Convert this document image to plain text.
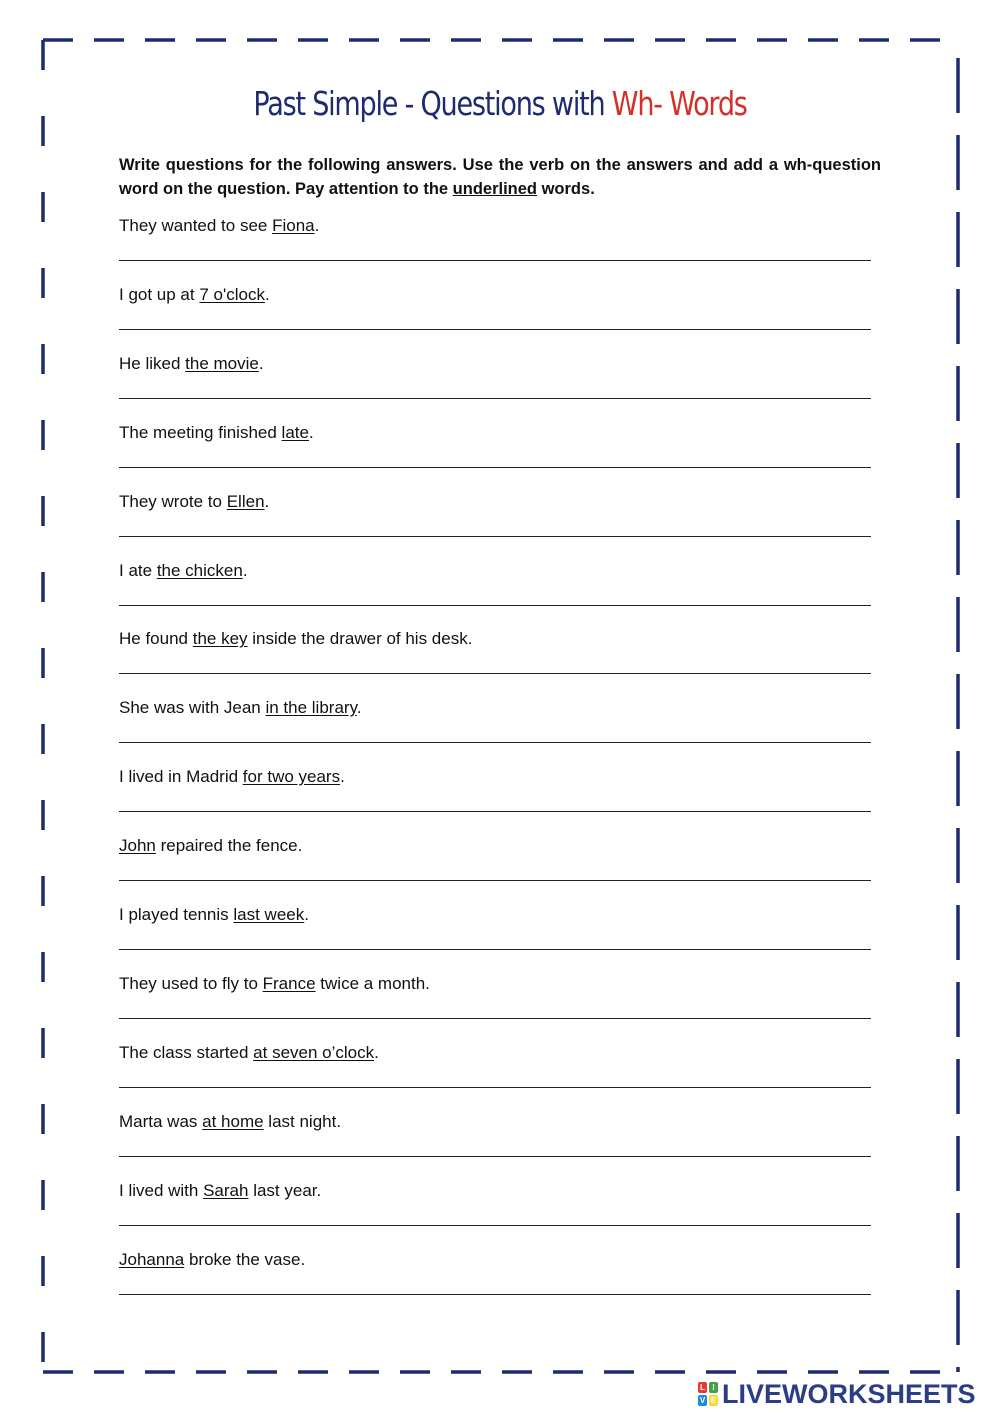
Past Simple - Questions with Wh- Words
Write questions for the following answers. Use the verb on the answers and add a wh-question word on the question. Pay attention to the underlined words.
They wanted to see Fiona.
I got up at 7 o'clock.
He liked the movie.
The meeting finished late.
They wrote to Ellen.
I ate the chicken.
He found the key inside the drawer of his desk.
She was with Jean in the library.
I lived in Madrid for two years.
John repaired the fence.
I played tennis last week.
They used to fly to France twice a month.
The class started at seven o’clock.
Marta was at home last night.
I lived with Sarah last year.
Johanna broke the vase.
L I
V E LIVEWORKSHEETS
